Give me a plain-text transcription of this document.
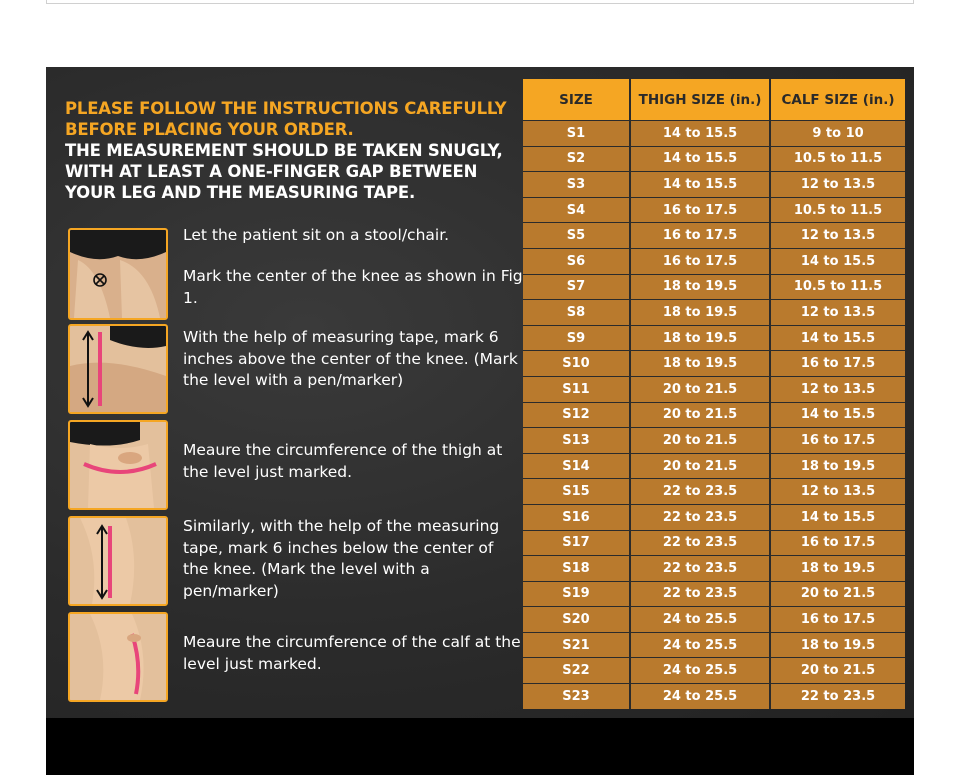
PLEASE FOLLOW THE INSTRUCTIONS CAREFULLY BEFORE PLACING YOUR ORDER.
THE MEASUREMENT SHOULD BE TAKEN SNUGLY, WITH AT LEAST A ONE-FINGER GAP BETWEEN YOUR LEG AND THE MEASURING TAPE.
Let the patient sit on a stool/chair.
Mark the center of the knee as shown in Fig 1.
With the help of measuring tape, mark 6 inches above the center of the knee. (Mark the level with a pen/marker)
Meaure the circumference of the thigh at the level just marked.
Similarly, with the help of the measuring tape, mark 6 inches below the center of the knee. (Mark the level with a pen/marker)
Meaure the circumference of the calf at the level just marked.
SIZE	THIGH SIZE (in.)	CALF SIZE (in.)
S1	14 to 15.5	9 to 10
S2	14 to 15.5	10.5 to 11.5
S3	14 to 15.5	12 to 13.5
S4	16 to 17.5	10.5 to 11.5
S5	16 to 17.5	12 to 13.5
S6	16 to 17.5	14 to 15.5
S7	18 to 19.5	10.5 to 11.5
S8	18 to 19.5	12 to 13.5
S9	18 to 19.5	14 to 15.5
S10	18 to 19.5	16 to 17.5
S11	20 to 21.5	12 to 13.5
S12	20 to 21.5	14 to 15.5
S13	20 to 21.5	16 to 17.5
S14	20 to 21.5	18 to 19.5
S15	22 to 23.5	12 to 13.5
S16	22 to 23.5	14 to 15.5
S17	22 to 23.5	16 to 17.5
S18	22 to 23.5	18 to 19.5
S19	22 to 23.5	20 to 21.5
S20	24 to 25.5	16 to 17.5
S21	24 to 25.5	18 to 19.5
S22	24 to 25.5	20 to 21.5
S23	24 to 25.5	22 to 23.5
